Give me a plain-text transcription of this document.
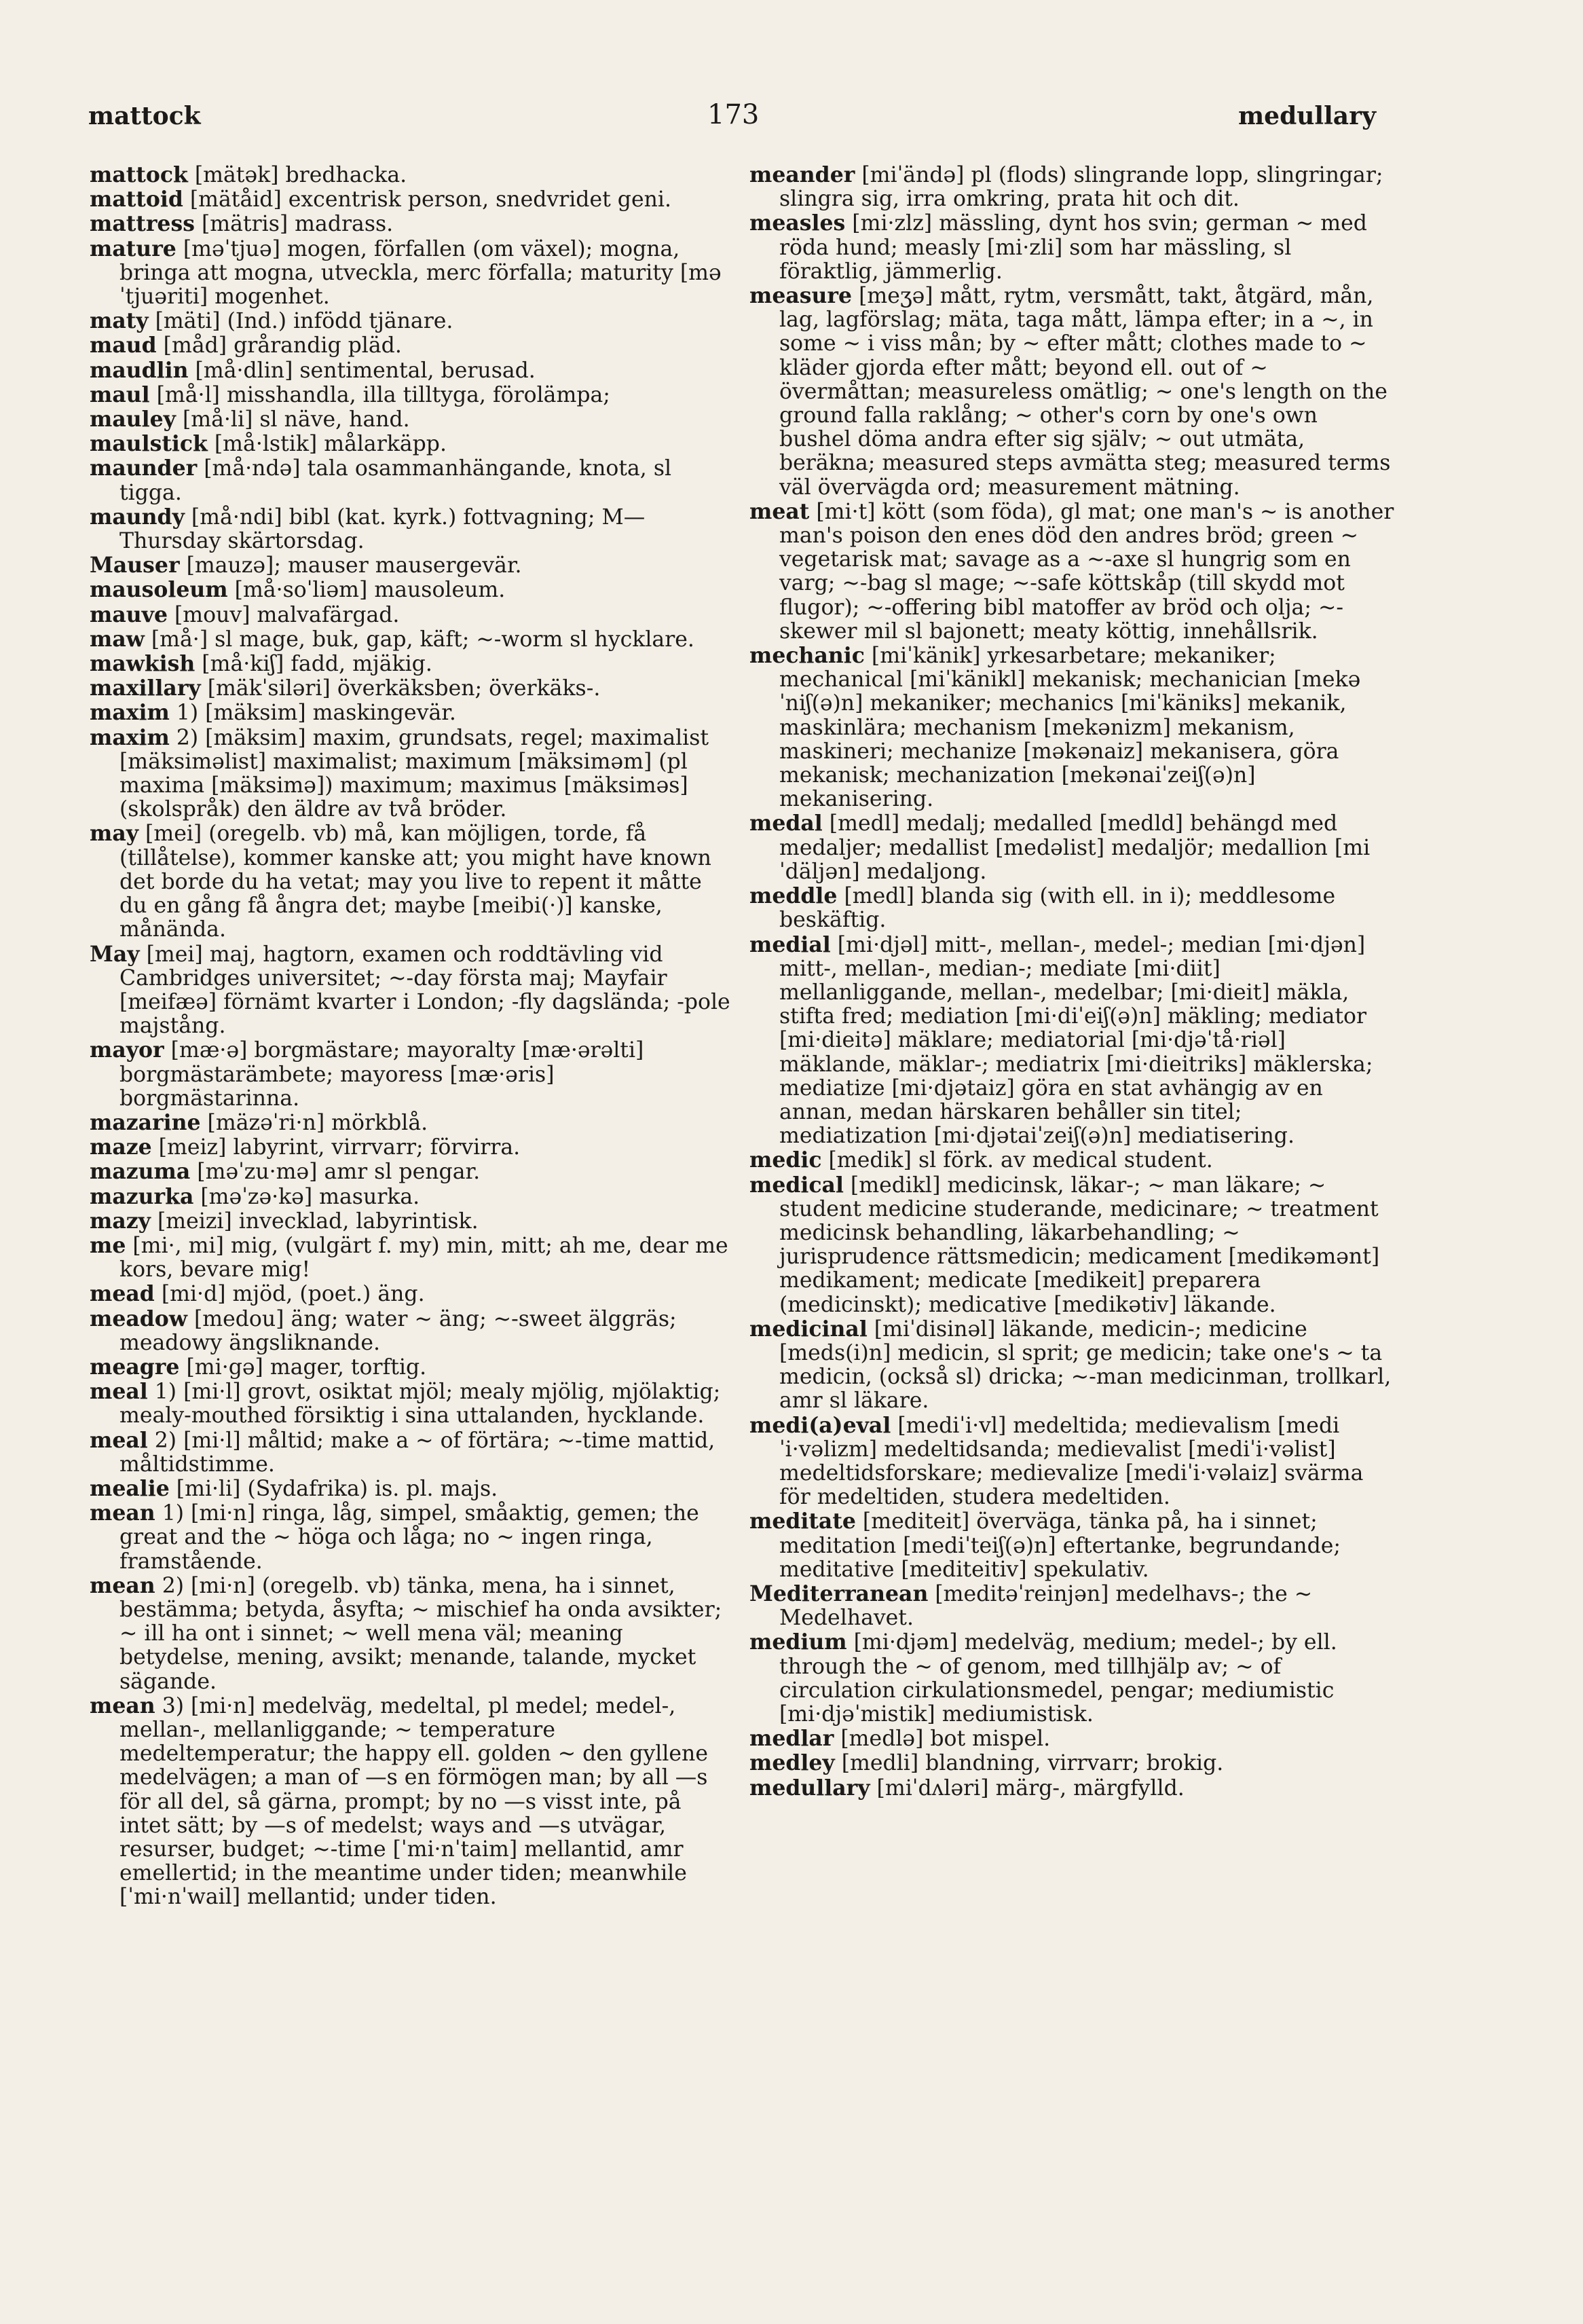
mattock	173	medullary

mattock [mätək] bredhacka.

mattoid [mätåid] excentrisk person, snedvridet geni.

mattress [mätris] madrass.

mature [məˈtjuə] mogen, förfallen (om växel); mogna, bringa att mogna, utveckla, merc förfalla; maturity [məˈtjuəriti] mogenhet.

maty [mäti] (Ind.) infödd tjänare.

maud [måd] grårandig pläd.

maudlin [må·dlin] sentimental, berusad.

maul [må·l] misshandla, illa tilltyga, förolämpa;

mauley [må·li] sl näve, hand.

maulstick [må·lstik] målarkäpp.

maunder [må·ndə] tala osammanhängande, knota, sl tigga.

maundy [må·ndi] bibl (kat. kyrk.) fottvagning; M— Thursday skärtorsdag.

Mauser [mauzə]; mauser mausergevär.

mausoleum [må·soˈliəm] mausoleum.

mauve [mouv] malvafärgad.

maw [må·] sl mage, buk, gap, käft; ~-worm sl hycklare.

mawkish [må·kiʃ] fadd, mjäkig.

maxillary [mäkˈsiləri] överkäksben; överkäks-.

maxim 1) [mäksim] maskingevär.

maxim 2) [mäksim] maxim, grundsats, regel; maximalist [mäksiməlist] maximalist; maximum [mäksiməm] (pl maxima [mäksimə]) maximum; maximus [mäksiməs] (skolspråk) den äldre av två bröder.

may [mei] (oregelb. vb) må, kan möjligen, torde, få (tillåtelse), kommer kanske att; you might have known det borde du ha vetat; may you live to repent it måtte du en gång få ångra det; maybe [meibi(·)] kanske, månända.

May [mei] maj, hagtorn, examen och roddtävling vid Cambridges universitet; ~-day första maj; Mayfair [meifæə] förnämt kvarter i London; -fly dagslända; -pole majstång.

mayor [mæ·ə] borgmästare; mayoralty [mæ·ərəlti] borgmästarämbete; mayoress [mæ·əris] borgmästarinna.

mazarine [mäzəˈri·n] mörkblå.

maze [meiz] labyrint, virrvarr; förvirra.

mazuma [məˈzu·mə] amr sl pengar.

mazurka [məˈzə·kə] masurka.

mazy [meizi] invecklad, labyrintisk.

me [mi·, mi] mig, (vulgärt f. my) min, mitt; ah me, dear me kors, bevare mig!

mead [mi·d] mjöd, (poet.) äng.

meadow [medou] äng; water ~ äng; ~-sweet älggräs; meadowy ängsliknande.

meagre [mi·gə] mager, torftig.

meal 1) [mi·l] grovt, osiktat mjöl; mealy mjölig, mjölaktig; mealy-mouthed försiktig i sina uttalanden, hycklande.

meal 2) [mi·l] måltid; make a ~ of förtära; ~-time mattid, måltidstimme.

mealie [mi·li] (Sydafrika) is. pl. majs.

mean 1) [mi·n] ringa, låg, simpel, småaktig, gemen; the great and the ~ höga och låga; no ~ ingen ringa, framstående.

mean 2) [mi·n] (oregelb. vb) tänka, mena, ha i sinnet, bestämma; betyda, åsyfta; ~ mischief ha onda avsikter; ~ ill ha ont i sinnet; ~ well mena väl; meaning betydelse, mening, avsikt; menande, talande, mycket sägande.

mean 3) [mi·n] medelväg, medeltal, pl medel; medel-, mellan-, mellanliggande; ~ temperature medeltemperatur; the happy ell. golden ~ den gyllene medelvägen; a man of —s en förmögen man; by all —s för all del, så gärna, prompt; by no —s visst inte, på intet sätt; by —s of medelst; ways and —s utvägar, resurser, budget; ~-time [ˈmi·nˈtaim] mellantid, amr emellertid; in the meantime under tiden; meanwhile [ˈmi·nˈwail] mellantid; under tiden.

meander [miˈändə] pl (flods) slingrande lopp, slingringar; slingra sig, irra omkring, prata hit och dit.

measles [mi·zlz] mässling, dynt hos svin; german ~ med röda hund; measly [mi·zli] som har mässling, sl föraktlig, jämmerlig.

measure [meʒə] mått, rytm, versmått, takt, åtgärd, mån, lag, lagförslag; mäta, taga mått, lämpa efter; in a ~, in some ~ i viss mån; by ~ efter mått; clothes made to ~ kläder gjorda efter mått; beyond ell. out of ~ övermåttan; measureless omätlig; ~ one's length on the ground falla raklång; ~ other's corn by one's own bushel döma andra efter sig själv; ~ out utmäta, beräkna; measured steps avmätta steg; measured terms väl övervägda ord; measurement mätning.

meat [mi·t] kött (som föda), gl mat; one man's ~ is another man's poison den enes död den andres bröd; green ~ vegetarisk mat; savage as a ~-axe sl hungrig som en varg; ~-bag sl mage; ~-safe köttskåp (till skydd mot flugor); ~-offering bibl matoffer av bröd och olja; ~-skewer mil sl bajonett; meaty köttig, innehållsrik.

mechanic [miˈkänik] yrkesarbetare; mekaniker; mechanical [miˈkänikl] mekanisk; mechanician [mekəˈniʃ(ə)n] mekaniker; mechanics [miˈkäniks] mekanik, maskinlära; mechanism [mekənizm] mekanism, maskineri; mechanize [məkənaiz] mekanisera, göra mekanisk; mechanization [mekənaiˈzeiʃ(ə)n] mekanisering.

medal [medl] medalj; medalled [medld] behängd med medaljer; medallist [medəlist] medaljör; medallion [miˈdäljən] medaljong.

meddle [medl] blanda sig (with ell. in i); meddlesome beskäftig.

medial [mi·djəl] mitt-, mellan-, medel-; median [mi·djən] mitt-, mellan-, median-; mediate [mi·diit] mellanliggande, mellan-, medelbar; [mi·dieit] mäkla, stifta fred; mediation [mi·diˈeiʃ(ə)n] mäkling; mediator [mi·dieitə] mäklare; mediatorial [mi·djəˈtå·riəl] mäklande, mäklar-; mediatrix [mi·dieitriks] mäklerska; mediatize [mi·djətaiz] göra en stat avhängig av en annan, medan härskaren behåller sin titel; mediatization [mi·djətaiˈzeiʃ(ə)n] mediatisering.

medic [medik] sl förk. av medical student.

medical [medikl] medicinsk, läkar-; ~ man läkare; ~ student medicine studerande, medicinare; ~ treatment medicinsk behandling, läkarbehandling; ~ jurisprudence rättsmedicin; medicament [medikəmənt] medikament; medicate [medikeit] preparera (medicinskt); medicative [medikətiv] läkande.

medicinal [miˈdisinəl] läkande, medicin-; medicine [meds(i)n] medicin, sl sprit; ge medicin; take one's ~ ta medicin, (också sl) dricka; ~-man medicinman, trollkarl, amr sl läkare.

medi(a)eval [mediˈi·vl] medeltida; medievalism [mediˈi·vəlizm] medeltidsanda; medievalist [mediˈi·vəlist] medeltidsforskare; medievalize [mediˈi·vəlaiz] svärma för medeltiden, studera medeltiden.

meditate [mediteit] överväga, tänka på, ha i sinnet; meditation [mediˈteiʃ(ə)n] eftertanke, begrundande; meditative [mediteitiv] spekulativ.

Mediterranean [meditəˈreinjən] medelhavs-; the ~ Medelhavet.

medium [mi·djəm] medelväg, medium; medel-; by ell. through the ~ of genom, med tillhjälp av; ~ of circulation cirkulationsmedel, pengar; mediumistic [mi·djəˈmistik] mediumistisk.

medlar [medlə] bot mispel.

medley [medli] blandning, virrvarr; brokig.

medullary [miˈdʌləri] märg-, märgfylld.
